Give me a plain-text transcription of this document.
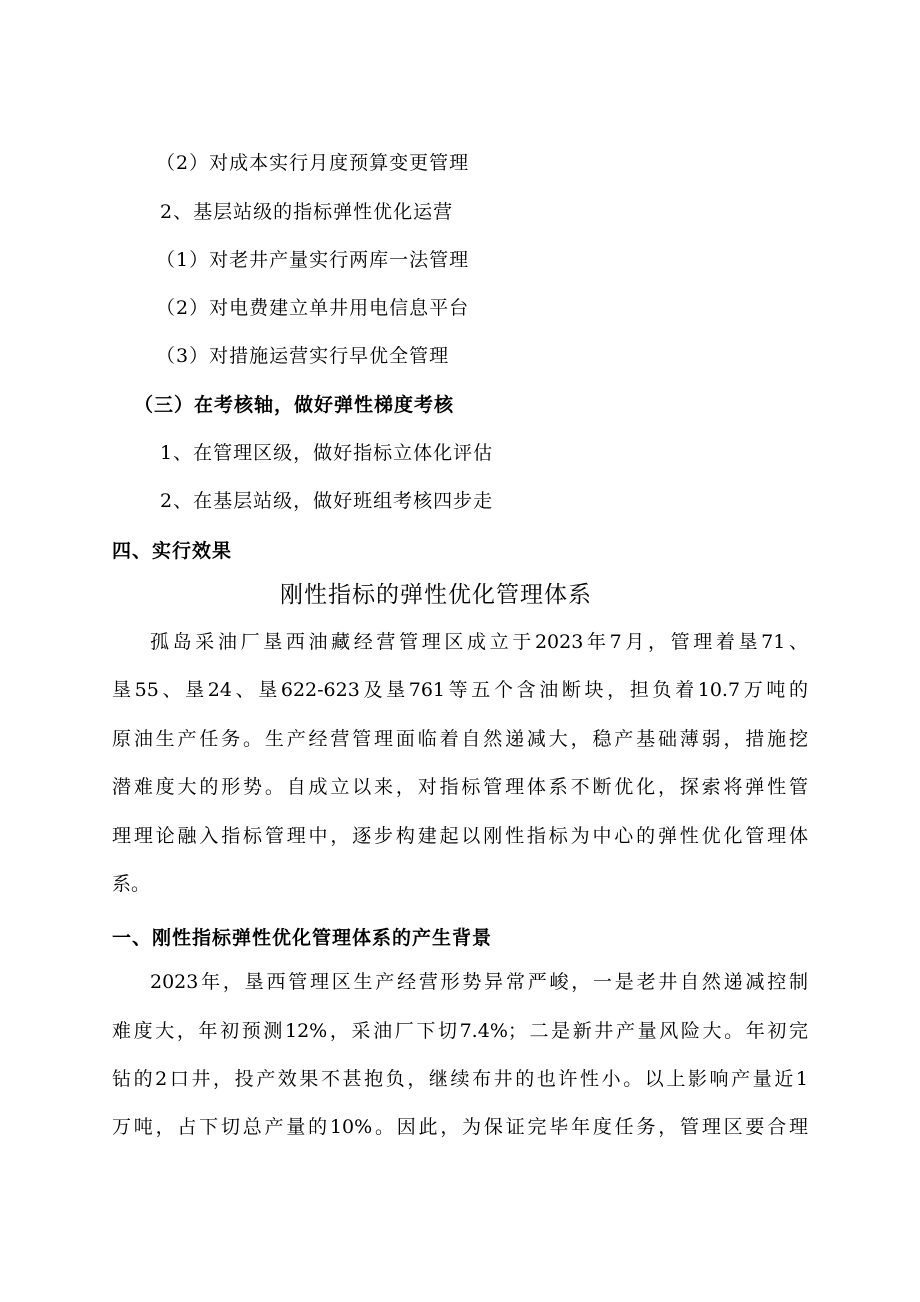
（2）对成本实行月度预算变更管理
2、基层站级的指标弹性优化运营
（1）对老井产量实行两库一法管理
（2）对电费建立单井用电信息平台
（3）对措施运营实行早优全管理
（三）在考核轴，做好弹性梯度考核
1、在管理区级，做好指标立体化评估
2、在基层站级，做好班组考核四步走
四、实行效果
刚性指标的弹性优化管理体系
孤岛采油厂垦西油藏经营管理区成立于2023年7月，管理着垦71、
垦55、垦24、垦622-623及垦761等五个含油断块，担负着10.7万吨的
原油生产任务。生产经营管理面临着自然递减大，稳产基础薄弱，措施挖
潜难度大的形势。自成立以来，对指标管理体系不断优化，探索将弹性管
理理论融入指标管理中，逐步构建起以刚性指标为中心的弹性优化管理体
系。
一、刚性指标弹性优化管理体系的产生背景
2023年，垦西管理区生产经营形势异常严峻，一是老井自然递减控制
难度大，年初预测12%，采油厂下切7.4%；二是新井产量风险大。年初完
钻的2口井，投产效果不甚抱负，继续布井的也许性小。以上影响产量近1
万吨，占下切总产量的10%。因此，为保证完毕年度任务，管理区要合理
